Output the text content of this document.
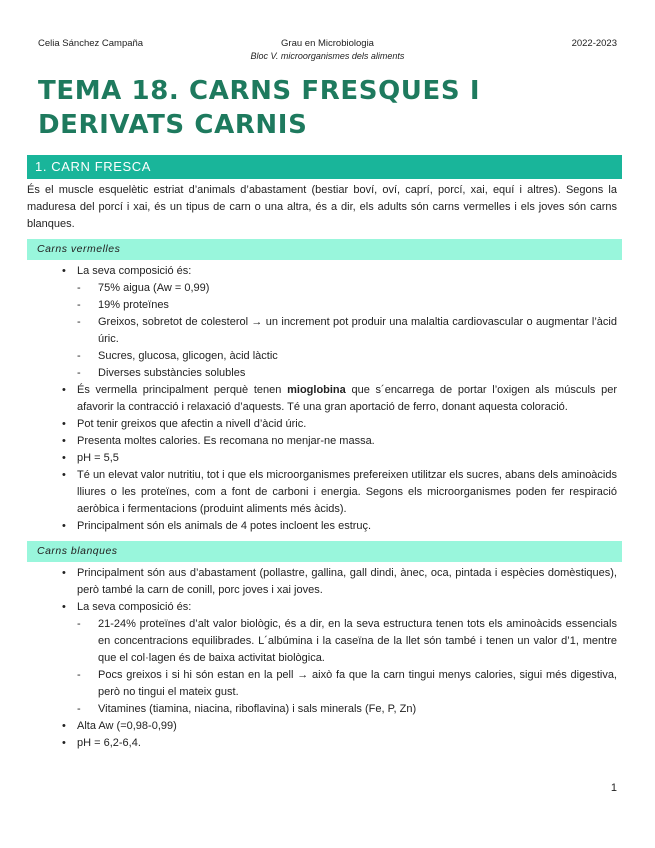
Celia Sánchez Campaña	Grau en Microbiologia
Bloc V. microorganismes dels aliments
2022-2023
TEMA 18. CARNS FRESQUES I DERIVATS CARNIS
1. CARN FRESCA

És el muscle esquelètic estriat d’animals d’abastament (bestiar boví, oví, caprí, porcí, xai, equí i altres). Segons la maduresa del porcí i xai, és un tipus de carn o una altra, és a dir, els adults són carns vermelles i els joves són carns blanques.

Carns vermelles
• La seva composició és:
- 75% aigua (Aw = 0,99)
- 19% proteïnes
- Greixos, sobretot de colesterol → un increment pot produir una malaltia cardiovascular o augmentar l’àcid úric.
- Sucres, glucosa, glicogen, àcid làctic
- Diverses substàncies solubles
• És vermella principalment perquè tenen mioglobina que s´encarrega de portar l’oxigen als músculs per afavorir la contracció i relaxació d’aquests. Té una gran aportació de ferro, donant aquesta coloració.
• Pot tenir greixos que afectin a nivell d’àcid úric.
• Presenta moltes calories. Es recomana no menjar-ne massa.
• pH = 5,5
• Té un elevat valor nutritiu, tot i que els microorganismes prefereixen utilitzar els sucres, abans dels aminoàcids lliures o les proteïnes, com a font de carboni i energia. Segons els microorganismes poden fer respiració aeròbica i fermentacions (produint aliments més àcids).
• Principalment són els animals de 4 potes incloent les estruç.
Carns blanques
• Principalment són aus d’abastament (pollastre, gallina, gall dindi, ànec, oca, pintada i espècies domèstiques), però també la carn de conill, porc joves i xai joves.
• La seva composició és:
- 21-24% proteïnes d’alt valor biològic, és a dir, en la seva estructura tenen tots els aminoàcids essencials en concentracions equilibrades. L´albúmina i la caseïna de la llet són també i tenen un valor d’1, mentre que el col·lagen és de baixa activitat biològica.
- Pocs greixos i si hi són estan en la pell → això fa que la carn tingui menys calories, sigui més digestiva, però no tingui el mateix gust.
- Vitamines (tiamina, niacina, riboflavina) i sals minerals (Fe, P, Zn)
• Alta Aw (=0,98-0,99)
• pH = 6,2-6,4.
1
